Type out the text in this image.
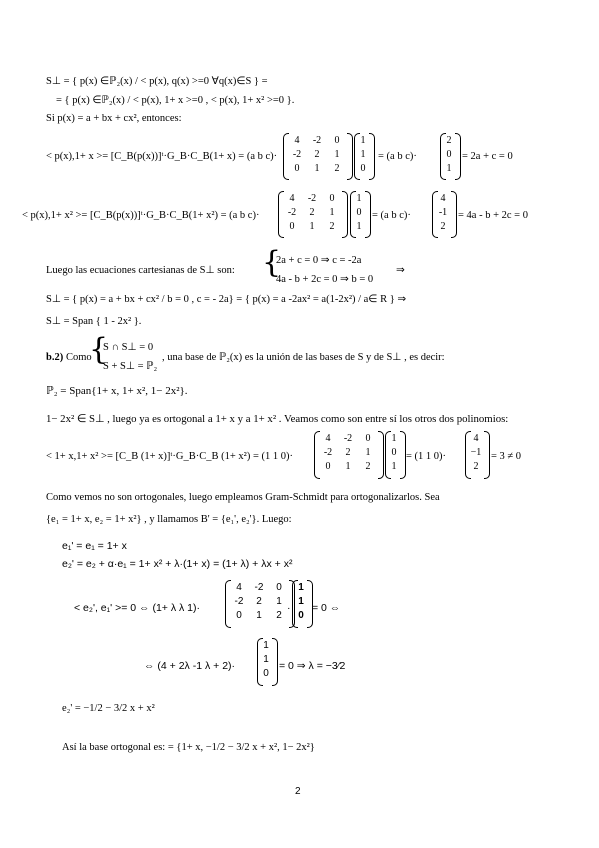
S⊥ = { p(x) ∈ℙ₂(x) / < p(x), q(x) >=0 ∀q(x)∈S } =
= { p(x) ∈ℙ₂(x) / < p(x), 1+ x >=0 , < p(x), 1+ x² >=0 }.
Si p(x) = a + bx + cx², entonces:
< p(x),1+ x >= [C_B(p(x))]ᵗ·G_B·C_B(1+ x) = (a b c)·
4	-2	0
-2	2	1
0	1	2
1
1
0
= (a b c)·
2
0
1
= 2a + c = 0
< p(x),1+ x² >= [C_B(p(x))]ᵗ·G_B·C_B(1+ x²) = (a b c)·
4	-2	0
-2	2	1
0	1	2
1
0
1
= (a b c)·
4
-1
2
= 4a - b + 2c = 0
Luego las ecuaciones cartesianas de S⊥ son: {
2a + c = 0 ⇒ c = -2a
4a - b + 2c = 0 ⇒ b = 0
⇒
S⊥ = { p(x) = a + bx + cx² / b = 0 , c = - 2a} = { p(x) = a -2ax² = a(1-2x²) / a∈ R } ⇒
S⊥ = Span { 1 - 2x² }.
b.2) Como
{
S ∩ S⊥ = 0
S + S⊥ = ℙ₂
, una base de ℙ₂(x) es la unión de las bases de S y de S⊥ , es decir:
ℙ₂ = Span{1+ x, 1+ x², 1− 2x²}.
1− 2x² ∈ S⊥ , luego ya es ortogonal a 1+ x y a 1+ x² . Veamos como son entre sí los otros dos polinomios:
< 1+ x,1+ x² >= [C_B (1+ x)]ᵗ·G_B·C_B (1+ x²) = (1 1 0)·
4	-2	0
-2	2	1
0	1	2
1
0
1
= (1 1 0)·
4
−1
2
= 3 ≠ 0
Como vemos no son ortogonales, luego empleamos Gram-Schmidt para ortogonalizarlos. Sea
{e₁ = 1+ x, e₂ = 1+ x²} , y llamamos B' = {e₁', e₂'}. Luego:
e₁' = e₁ = 1+ x
e₂' = e₂ + α·e₁ = 1+ x² + λ·(1+ x) = (1+ λ) + λx + x²
< e₂', e₁' >= 0 ⇔ (1+ λ λ 1)·
4	-2	0
-2	2	1
0	1	2
·
1
1
0
= 0 ⇔
⇔ (4 + 2λ -1 λ + 2)·
1
1
0
= 0 ⇒ λ = −3⁄2
e₂' = −1/2 − 3/2 x + x²
Así la base ortogonal es: = {1+ x, −1/2 − 3/2 x + x², 1− 2x²}
2
